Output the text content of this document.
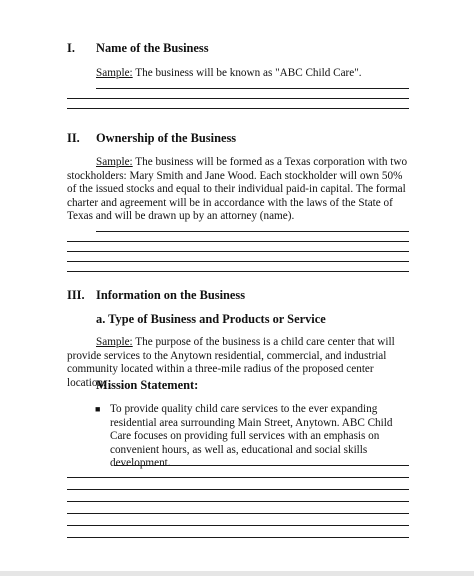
I. Name of the Business
Sample: The business will be known as "ABC Child Care".
II. Ownership of the Business
Sample: The business will be formed as a Texas corporation with two stockholders: Mary Smith and Jane Wood. Each stockholder will own 50% of the issued stocks and equal to their individual paid-in capital. The formal charter and agreement will be in accordance with the laws of the State of Texas and will be drawn up by an attorney (name).
III. Information on the Business
a. Type of Business and Products or Service
Sample: The purpose of the business is a child care center that will provide services to the Anytown residential, commercial, and industrial community located within a three-mile radius of the proposed center location.
Mission Statement:
■ To provide quality child care services to the ever expanding residential area surrounding Main Street, Anytown. ABC Child Care focuses on providing full services with an emphasis on convenient hours, as well as, educational and social skills development.
